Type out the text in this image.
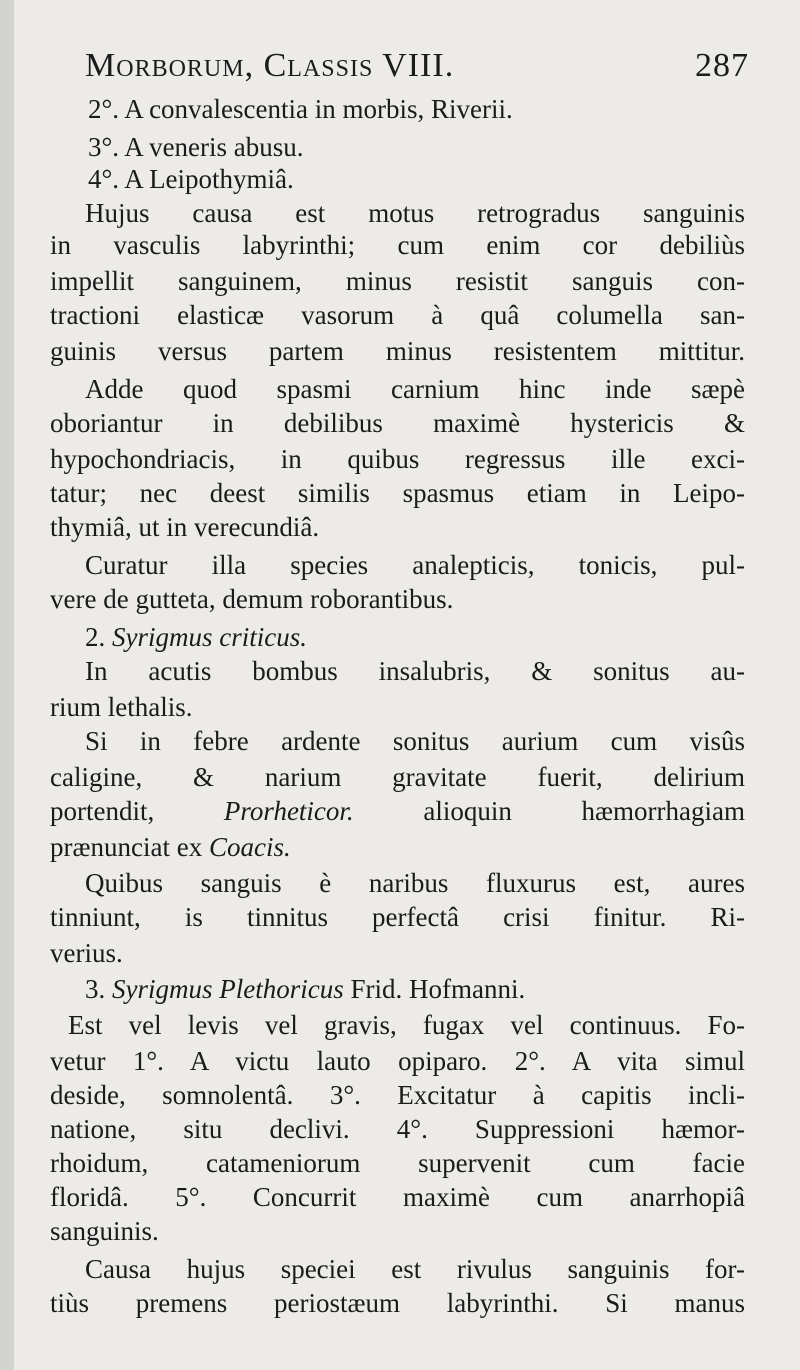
Morborum, Classis VIII.	287
2°. A convalescentia in morbis, Riverii.
3°. A veneris abusu.
4°. A Leipothymiâ.
Hujus causa est motus retrogradus sanguinis
in vasculis labyrinthi; cum enim cor debiliùs
impellit sanguinem, minus resistit sanguis con-
tractioni elasticæ vasorum à quâ columella san-
guinis versus partem minus resistentem mittitur.
Adde quod spasmi carnium hinc inde sæpè
oboriantur in debilibus maximè hystericis &
hypochondriacis, in quibus regressus ille exci-
tatur; nec deest similis spasmus etiam in Leipo-
thymiâ, ut in verecundiâ.
Curatur illa species analepticis, tonicis, pul-
vere de gutteta, demum roborantibus.
2. Syrigmus criticus.
In acutis bombus insalubris, & sonitus au-
rium lethalis.
Si in febre ardente sonitus aurium cum visûs
caligine, & narium gravitate fuerit, delirium
portendit, Prorheticor. alioquin hæmorrhagiam
prænunciat ex Coacis.
Quibus sanguis è naribus fluxurus est, aures
tinniunt, is tinnitus perfectâ crisi finitur. Ri-
verius.
3. Syrigmus Plethoricus Frid. Hofmanni.
Est vel levis vel gravis, fugax vel continuus. Fo-
vetur 1°. A victu lauto opiparo. 2°. A vita simul
deside, somnolentâ. 3°. Excitatur à capitis incli-
natione, situ declivi. 4°. Suppressioni hæmor-
rhoidum, catameniorum supervenit cum facie
floridâ. 5°. Concurrit maximè cum anarrhopiâ
sanguinis.
Causa hujus speciei est rivulus sanguinis for-
tiùs premens periostæum labyrinthi. Si manus
